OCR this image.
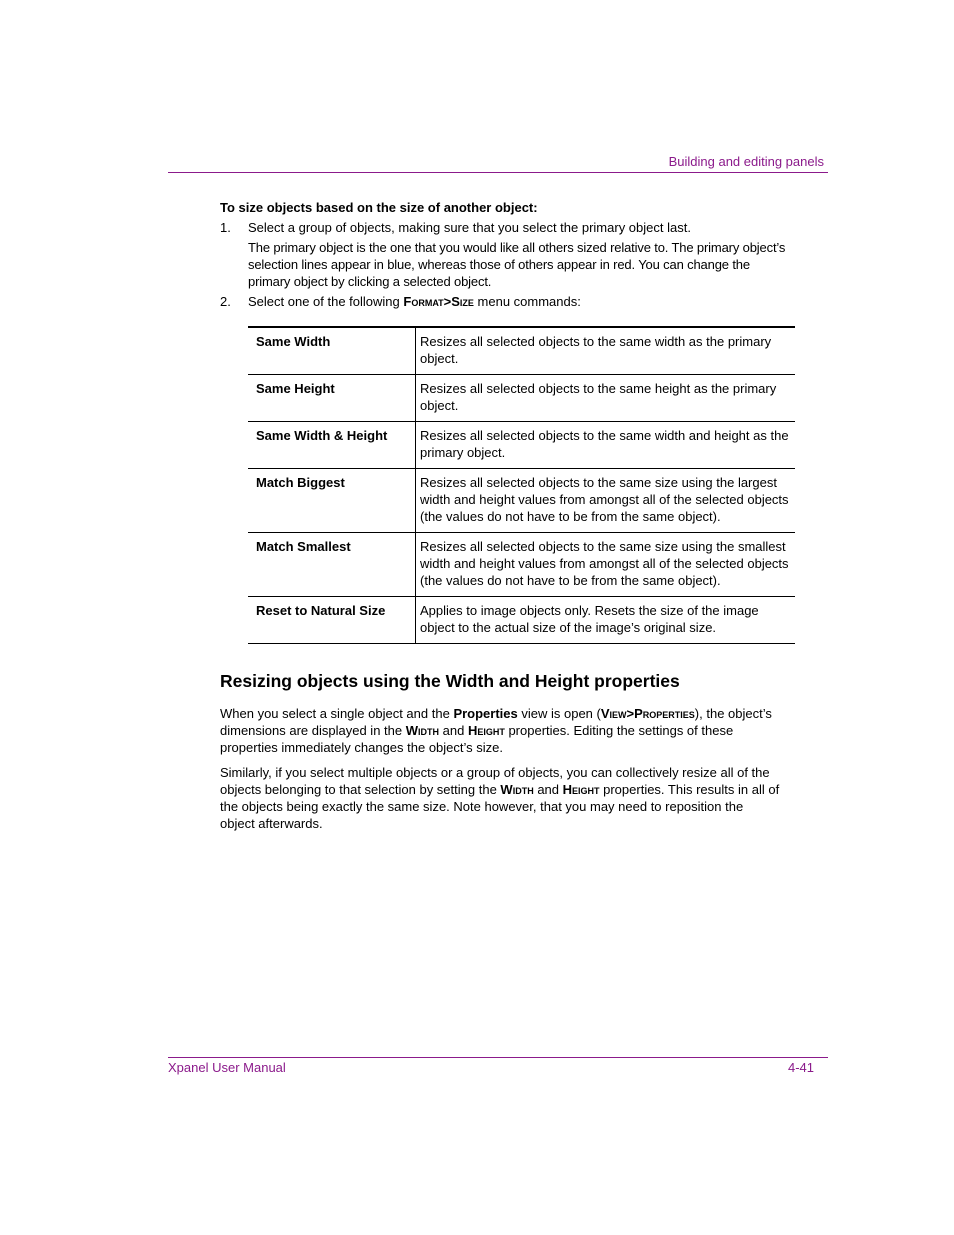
Building and editing panels

To size objects based on the size of another object:

1. Select a group of objects, making sure that you select the primary object last.

The primary object is the one that you would like all others sized relative to. The primary object’s selection lines appear in blue, whereas those of others appear in red. You can change the primary object by clicking a selected object.

2. Select one of the following Format>Size menu commands:

Same Width	Resizes all selected objects to the same width as the primary object.
Same Height	Resizes all selected objects to the same height as the primary object.
Same Width & Height	Resizes all selected objects to the same width and height as the primary object.
Match Biggest	Resizes all selected objects to the same size using the largest width and height values from amongst all of the selected objects (the values do not have to be from the same object).
Match Smallest	Resizes all selected objects to the same size using the smallest width and height values from amongst all of the selected objects (the values do not have to be from the same object).
Reset to Natural Size	Applies to image objects only. Resets the size of the image object to the actual size of the image’s original size.
Resizing objects using the Width and Height properties

When you select a single object and the Properties view is open (View>Properties), the object’s dimensions are displayed in the Width and Height properties. Editing the settings of these properties immediately changes the object’s size.

Similarly, if you select multiple objects or a group of objects, you can collectively resize all of the objects belonging to that selection by setting the Width and Height properties. This results in all of the objects being exactly the same size. Note however, that you may need to reposition the object afterwards.

Xpanel User Manual	4-41
